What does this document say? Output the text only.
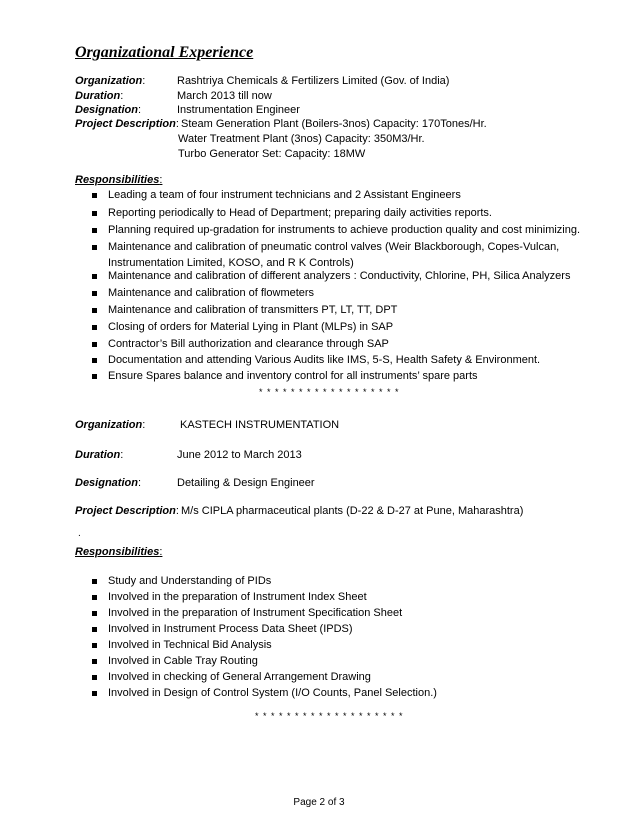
Organizational Experience
Organization:	Rashtriya Chemicals & Fertilizers Limited (Gov. of India)
Duration:	March 2013 till now
Designation:	Instrumentation Engineer
Project Description: Steam Generation Plant (Boilers-3nos) Capacity: 170Tones/Hr.
Water Treatment Plant (3nos) Capacity: 350M3/Hr.
Turbo Generator Set: Capacity: 18MW
Responsibilities:
Leading a team of four instrument technicians and 2 Assistant Engineers
Reporting periodically to Head of Department; preparing daily activities reports.
Planning required up-gradation for instruments to achieve production quality and cost minimizing.
Maintenance and calibration of pneumatic control valves (Weir Blackborough, Copes-Vulcan,
Instrumentation Limited, KOSO, and R K Controls)
Maintenance and calibration of different analyzers : Conductivity, Chlorine, PH, Silica Analyzers
Maintenance and calibration of flowmeters
Maintenance and calibration of transmitters PT, LT, TT, DPT
Closing of orders for Material Lying in Plant (MLPs) in SAP
Contractor’s Bill authorization and clearance through SAP
Documentation and attending Various Audits like IMS, 5-S, Health Safety & Environment.
Ensure Spares balance and inventory control for all instruments’ spare parts
* * * * * * * * * * * * * * * * * *
Organization:	KASTECH INSTRUMENTATION
Duration:	June 2012 to March 2013
Designation:	Detailing & Design Engineer
Project Description: M/s CIPLA pharmaceutical plants (D-22 & D-27 at Pune, Maharashtra)
.
Responsibilities:
Study and Understanding of PIDs
Involved in the preparation of Instrument Index Sheet
Involved in the preparation of Instrument Specification Sheet
Involved in Instrument Process Data Sheet (IPDS)
Involved in Technical Bid Analysis
Involved in Cable Tray Routing
Involved in checking of General Arrangement Drawing
Involved in Design of Control System (I/O Counts, Panel Selection.)
* * * * * * * * * * * * * * * * * * *
Page 2 of 3
